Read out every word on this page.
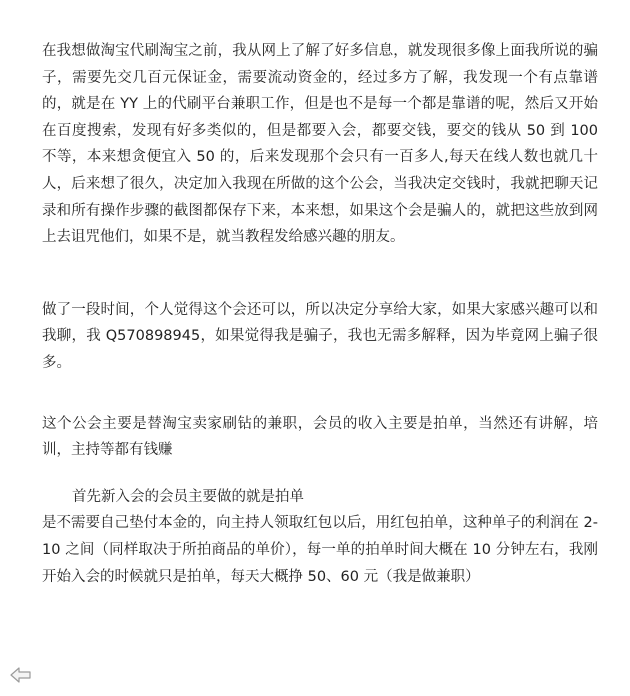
在我想做淘宝代刷淘宝之前，我从网上了解了好多信息，就发现很多像上面我所说的骗子，需要先交几百元保证金，需要流动资金的，经过多方了解，我发现一个有点靠谱的，就是在 YY 上的代刷平台兼职工作，但是也不是每一个都是靠谱的呢，然后又开始在百度搜索，发现有好多类似的，但是都要入会，都要交钱，要交的钱从 50 到 100 不等，本来想贪便宜入 50 的，后来发现那个会只有一百多人,每天在线人数也就几十人，后来想了很久，决定加入我现在所做的这个公会，当我决定交钱时，我就把聊天记录和所有操作步骤的截图都保存下来，本来想，如果这个会是骗人的，就把这些放到网上去诅咒他们，如果不是，就当教程发给感兴趣的朋友。

做了一段时间，个人觉得这个会还可以，所以决定分享给大家，如果大家感兴趣可以和我聊，我 Q570898945，如果觉得我是骗子，我也无需多解释，因为毕竟网上骗子很多。

这个公会主要是替淘宝卖家刷钻的兼职，会员的收入主要是拍单，当然还有讲解，培训，主持等都有钱赚

首先新入会的会员主要做的就是拍单
是不需要自己垫付本金的，向主持人领取红包以后，用红包拍单，这种单子的利润在 2-10 之间（同样取决于所拍商品的单价），每一单的拍单时间大概在 10 分钟左右，我刚开始入会的时候就只是拍单，每天大概挣 50、60 元（我是做兼职）
